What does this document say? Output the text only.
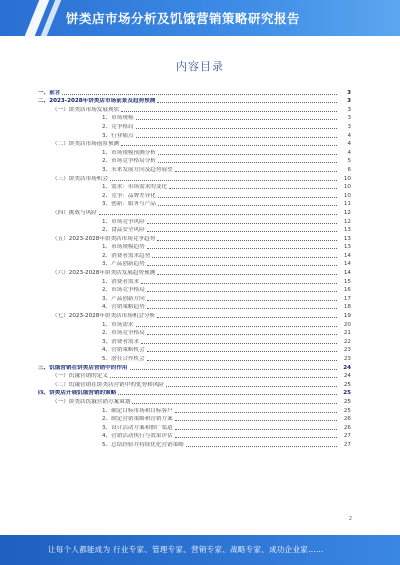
饼类店市场分析及饥饿营销策略研究报告
内容目录
一、前言	3
二、2023-2028年饼类店市场前景及趋势预测	3
（一）饼类店市场发展现状	3
1、市场规模	3
2、竞争格局	3
3、行业痛点	4
（二）饼类店市场前景预测	4
1、市场规模预测分析	4
2、市场竞争格局分析	5
3、未来发展方向及趋势展望	6
（三）饼类店市场机会	10
1、需求：市场需求的变化	10
2、竞争：品牌差异化	10
3、创新：服务与产品	11
（四）挑战与风险	12
1、市场竞争风险	12
2、食品安全风险	13
（五）2023-2028年饼类店市场竞争趋势	13
1、市场规模趋势	13
2、消费者需求趋势	14
3、产品创新趋势	14
（六）2023-2028年饼类店发展趋势预测	14
1、消费者需求	15
2、市场竞争格局	16
3、产品创新方向	17
4、营销策略趋势	18
（七）2023-2028年饼类店市场机会分析	19
1、市场需求	20
2、市场竞争格局	21
3、消费者需求	22
4、营销策略机会	23
5、潜在合作机会	23
三、饥饿营销在饼类店营销中的作用	24
（一）饥饿营销的定义	24
（二）饥饿营销在饼类店营销中的优势和风险	25
四、饼类店开展饥饿营销的策略	25
（一）饼类店饥饿营销方案策划	25
1、确定目标市场和目标客户	25
2、制定营销策略和营销方案	26
3、设计活动方案和推广渠道	26
4、营销活动执行与效果评估	27
5、总结经验并持续优化营销策略	27
2
让每个人都能成为 行业专家、管理专家、营销专家、战略专家、成功企业家……
